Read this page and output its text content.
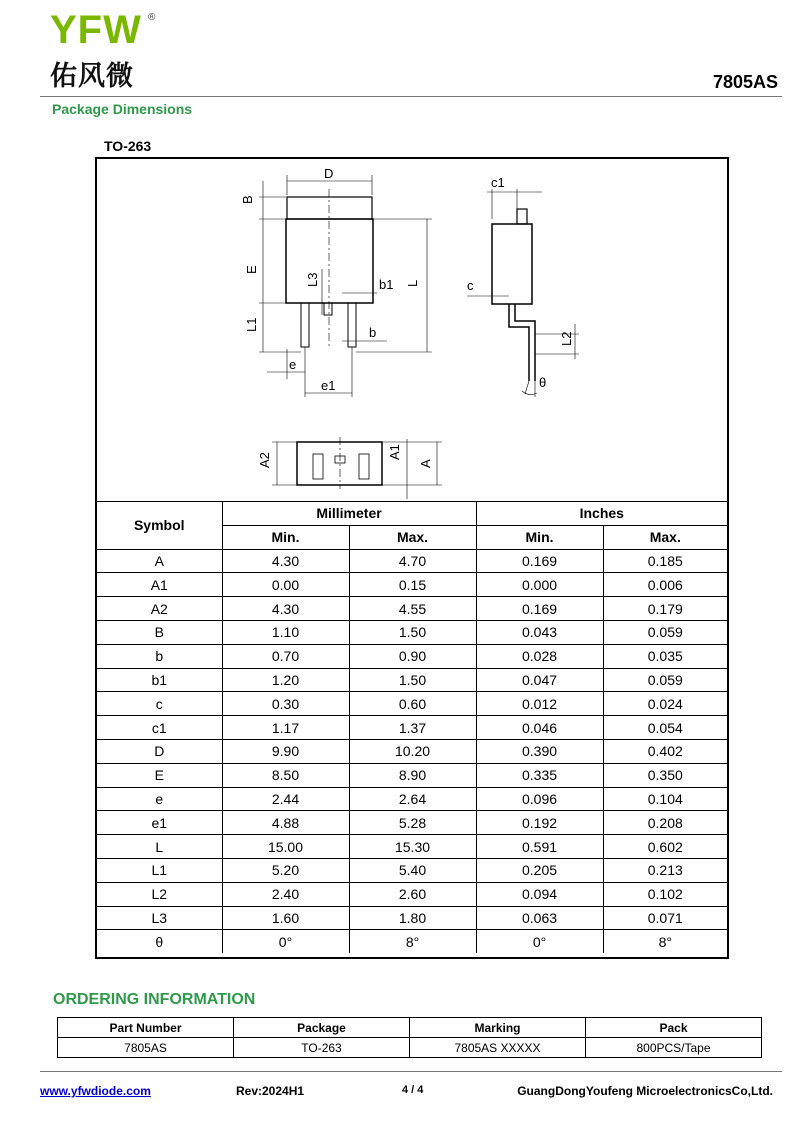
YFW ®
佑风微	7805AS
Package Dimensions
TO-263
D
B
E
L3	b1 L
L1
b
e
e1
c1
c
L2
θ
A2
A1
A
Symbol	Millimeter		Inches	
	Min.	Max.	Min.	Max.
A	4.30	4.70	0.169	0.185
A1	0.00	0.15	0.000	0.006
A2	4.30	4.55	0.169	0.179
B	1.10	1.50	0.043	0.059
b	0.70	0.90	0.028	0.035
b1	1.20	1.50	0.047	0.059
c	0.30	0.60	0.012	0.024
c1	1.17	1.37	0.046	0.054
D	9.90	10.20	0.390	0.402
E	8.50	8.90	0.335	0.350
e	2.44	2.64	0.096	0.104
e1	4.88	5.28	0.192	0.208
L	15.00	15.30	0.591	0.602
L1	5.20	5.40	0.205	0.213
L2	2.40	2.60	0.094	0.102
L3	1.60	1.80	0.063	0.071
θ	0°	8°	0°	8°
ORDERING INFORMATION
Part Number	Package	Marking	Pack
7805AS	TO-263	7805AS XXXXX	800PCS/Tape
www.yfwdiode.com	Rev:2024H1	4 / 4	GuangDongYoufeng MicroelectronicsCo,Ltd.
